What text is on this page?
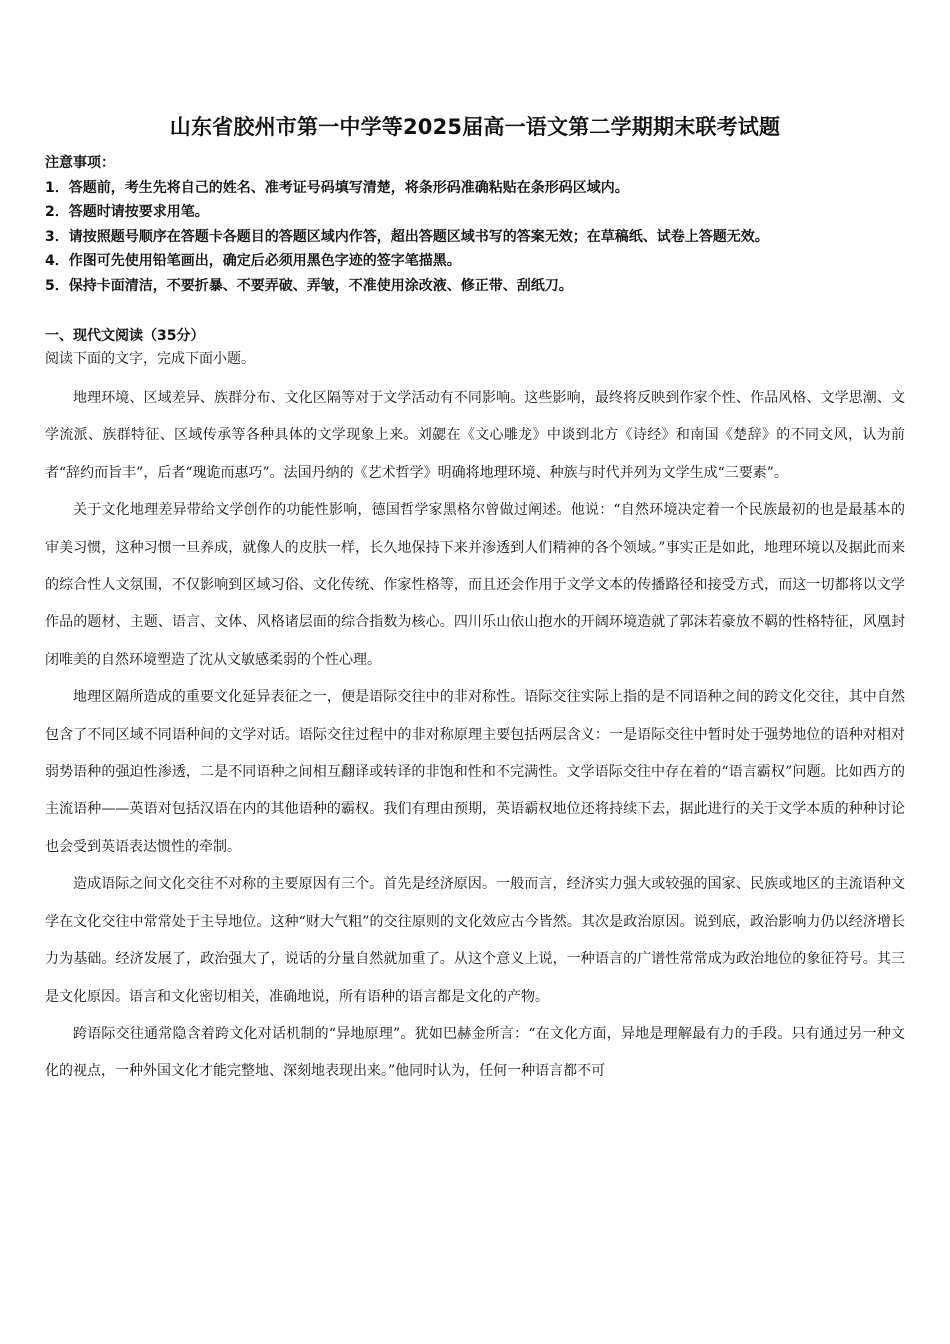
山东省胶州市第一中学等2025届高一语文第二学期期末联考试题
注意事项：
1．答题前，考生先将自己的姓名、准考证号码填写清楚，将条形码准确粘贴在条形码区域内。
2．答题时请按要求用笔。
3．请按照题号顺序在答题卡各题目的答题区域内作答，超出答题区域书写的答案无效；在草稿纸、试卷上答题无效。
4．作图可先使用铅笔画出，确定后必须用黑色字迹的签字笔描黑。
5．保持卡面清洁，不要折暴、不要弄破、弄皱，不准使用涂改液、修正带、刮纸刀。
一、现代文阅读（35分）
阅读下面的文字，完成下面小题。

地理环境、区域差异、族群分布、文化区隔等对于文学活动有不同影响。这些影响，最终将反映到作家个性、作品风格、文学思潮、文学流派、族群特征、区域传承等各种具体的文学现象上来。刘勰在《文心雕龙》中谈到北方《诗经》和南国《楚辞》的不同文风，认为前者“辞约而旨丰”，后者“瑰诡而惠巧”。法国丹纳的《艺术哲学》明确将地理环境、种族与时代并列为文学生成“三要素”。

关于文化地理差异带给文学创作的功能性影响，德国哲学家黑格尔曾做过阐述。他说：“自然环境决定着一个民族最初的也是最基本的审美习惯，这种习惯一旦养成，就像人的皮肤一样，长久地保持下来并渗透到人们精神的各个领域。”事实正是如此，地理环境以及据此而来的综合性人文氛围，不仅影响到区域习俗、文化传统、作家性格等，而且还会作用于文学文本的传播路径和接受方式，而这一切都将以文学作品的题材、主题、语言、文体、风格诸层面的综合指数为核心。四川乐山依山抱水的开阔环境造就了郭沫若豪放不羁的性格特征，风凰封闭唯美的自然环境塑造了沈从文敏感柔弱的个性心理。

地理区隔所造成的重要文化延异表征之一，便是语际交往中的非对称性。语际交往实际上指的是不同语种之间的跨文化交往，其中自然包含了不同区域不同语种间的文学对话。语际交往过程中的非对称原理主要包括两层含义：一是语际交往中暂时处于强势地位的语种对相对弱势语种的强迫性渗透，二是不同语种之间相互翻译或转译的非饱和性和不完满性。文学语际交往中存在着的“语言霸权”问题。比如西方的主流语种——英语对包括汉语在内的其他语种的霸权。我们有理由预期，英语霸权地位还将持续下去，据此进行的关于文学本质的种种讨论也会受到英语表达惯性的牵制。

造成语际之间文化交往不对称的主要原因有三个。首先是经济原因。一般而言，经济实力强大或较强的国家、民族或地区的主流语种文学在文化交往中常常处于主导地位。这种“财大气粗”的交往原则的文化效应古今皆然。其次是政治原因。说到底，政治影响力仍以经济增长力为基础。经济发展了，政治强大了，说话的分量自然就加重了。从这个意义上说，一种语言的广谱性常常成为政治地位的象征符号。其三是文化原因。语言和文化密切相关，准确地说，所有语种的语言都是文化的产物。

跨语际交往通常隐含着跨文化对话机制的“异地原理”。犹如巴赫金所言：“在文化方面，异地是理解最有力的手段。只有通过另一种文化的视点，一种外国文化才能完整地、深刻地表现出来。”他同时认为，任何一种语言都不可
